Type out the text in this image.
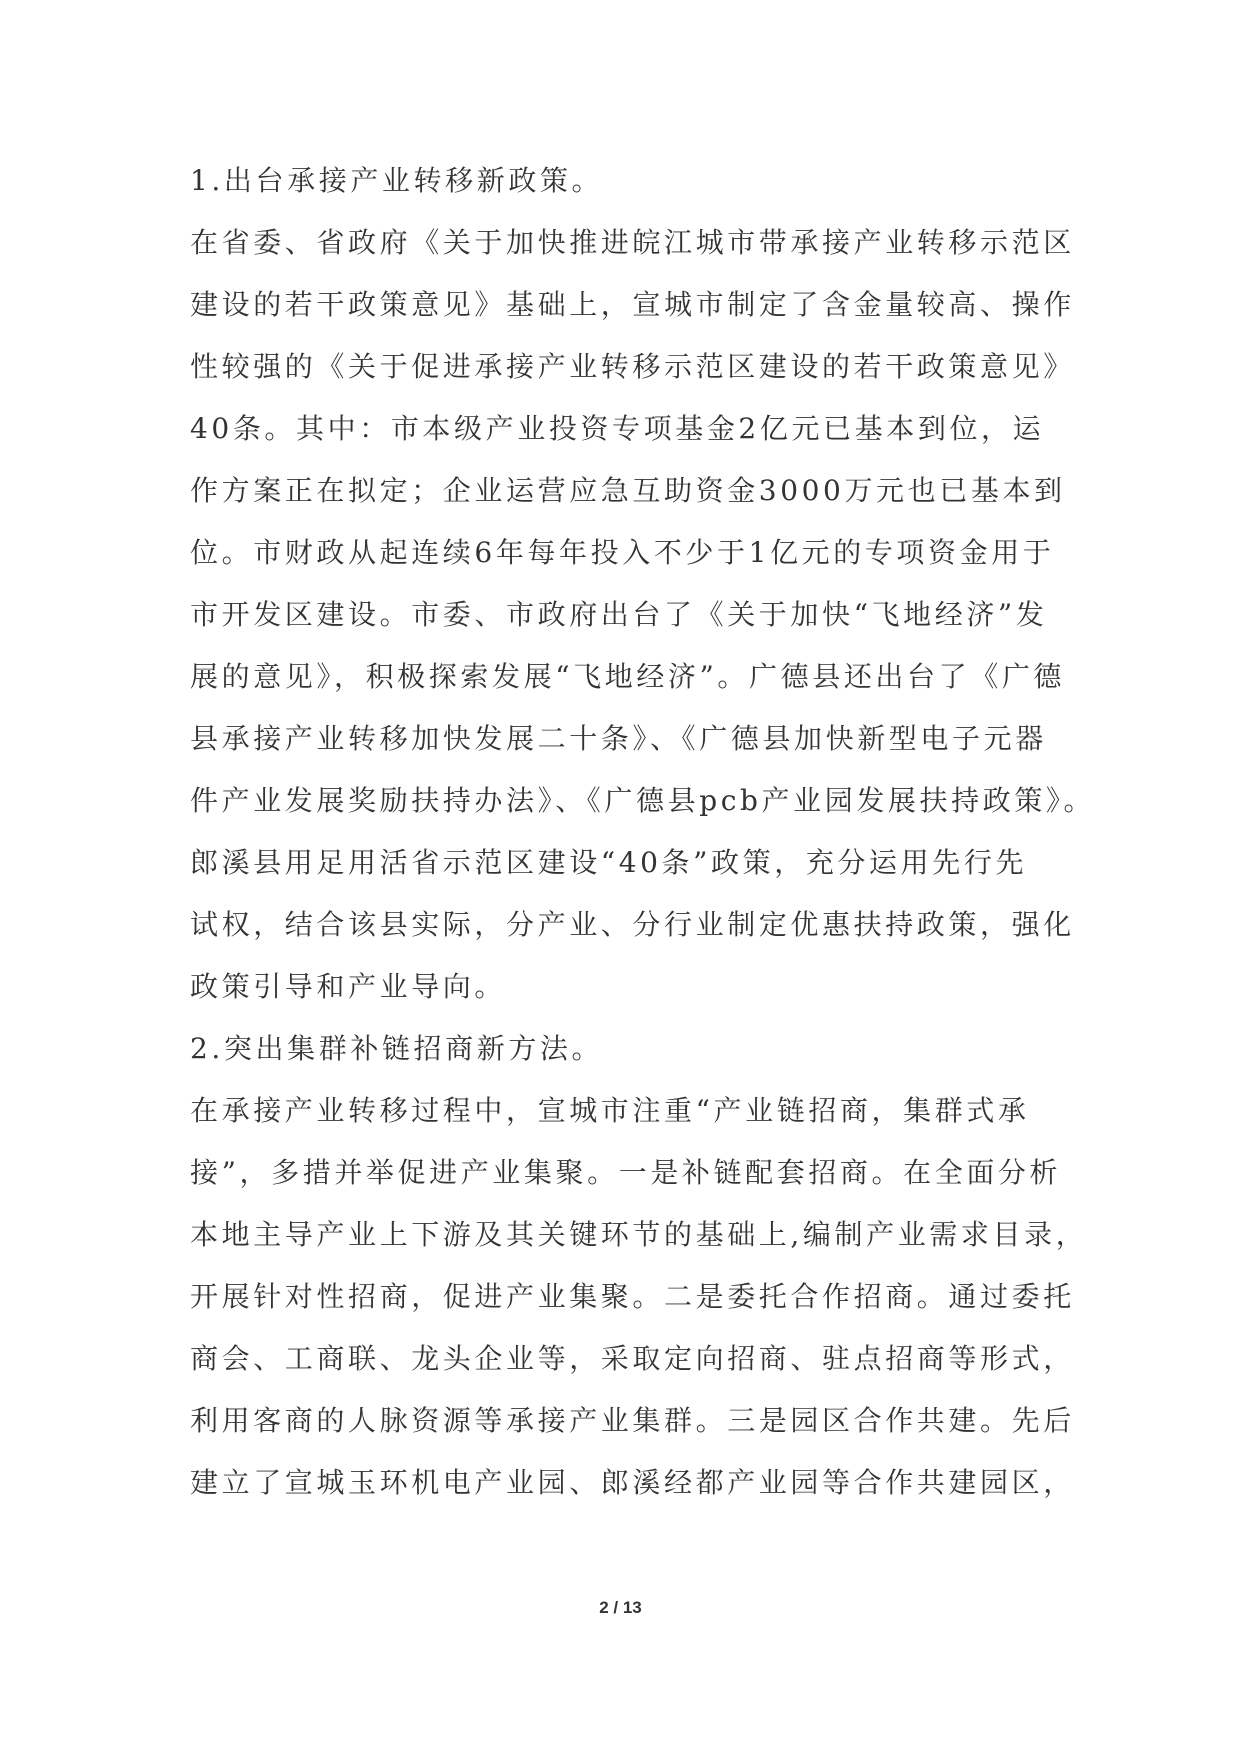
1.出台承接产业转移新政策。
在省委、省政府《关于加快推进皖江城市带承接产业转移示范区
建设的若干政策意见》基础上，宣城市制定了含金量较高、操作
性较强的《关于促进承接产业转移示范区建设的若干政策意见》
40条。其中：市本级产业投资专项基金2亿元已基本到位，运
作方案正在拟定；企业运营应急互助资金3000万元也已基本到
位。市财政从起连续6年每年投入不少于1亿元的专项资金用于
市开发区建设。市委、市政府出台了《关于加快“飞地经济”发
展的意见》，积极探索发展“飞地经济”。广德县还出台了《广德
县承接产业转移加快发展二十条》、《广德县加快新型电子元器
件产业发展奖励扶持办法》、《广德县pcb产业园发展扶持政策》。
郎溪县用足用活省示范区建设“40条”政策，充分运用先行先
试权，结合该县实际，分产业、分行业制定优惠扶持政策，强化
政策引导和产业导向。
2.突出集群补链招商新方法。
在承接产业转移过程中，宣城市注重“产业链招商，集群式承
接”，多措并举促进产业集聚。一是补链配套招商。在全面分析
本地主导产业上下游及其关键环节的基础上,编制产业需求目录，
开展针对性招商，促进产业集聚。二是委托合作招商。通过委托
商会、工商联、龙头企业等，采取定向招商、驻点招商等形式，
利用客商的人脉资源等承接产业集群。三是园区合作共建。先后
建立了宣城玉环机电产业园、郎溪经都产业园等合作共建园区，
2 / 13
